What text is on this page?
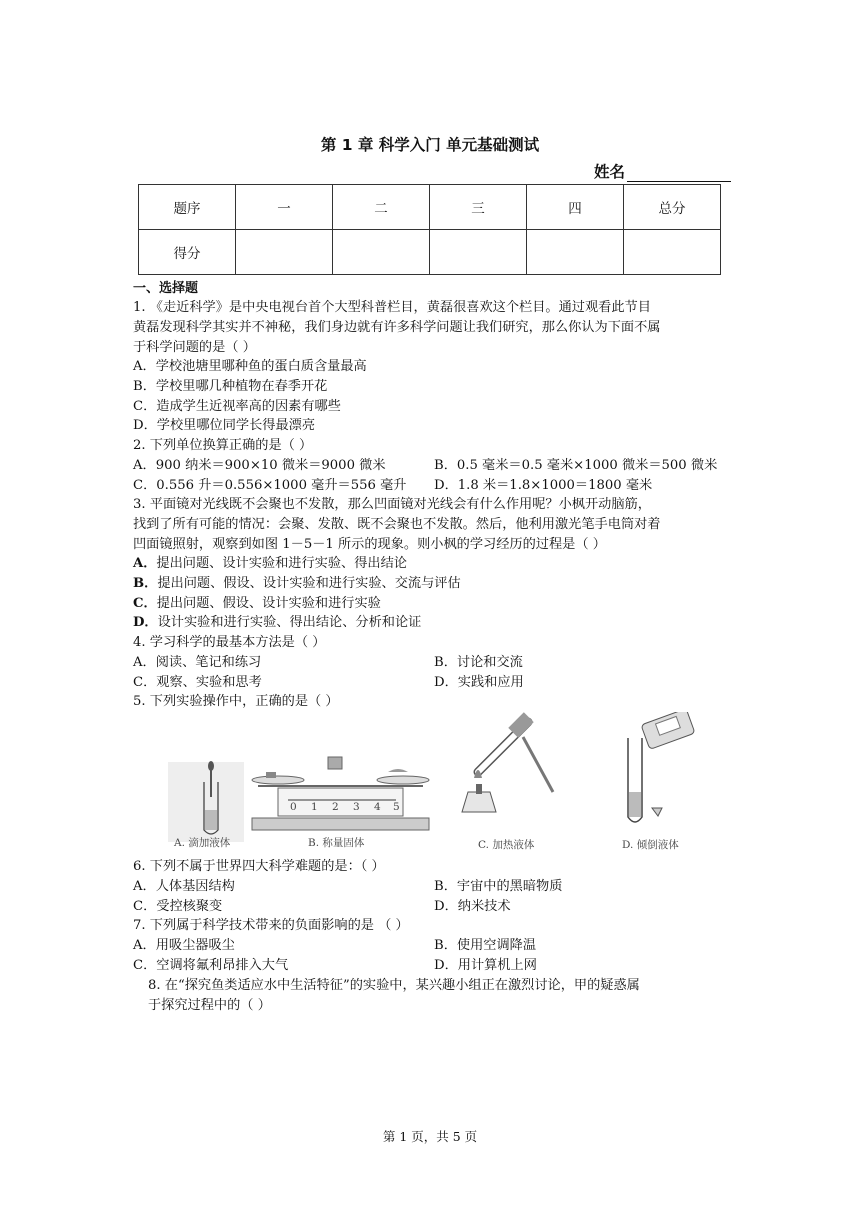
第 1 章 科学入门 单元基础测试
姓名
题序	一	二	三	四	总分
得分					
一、选择题
1. 《走近科学》是中央电视台首个大型科普栏目，黄磊很喜欢这个栏目。通过观看此节目
黄磊发现科学其实并不神秘，我们身边就有许多科学问题让我们研究，那么你认为下面不属
于科学问题的是（ ）
A．学校池塘里哪种鱼的蛋白质含量最高
B．学校里哪几种植物在春季开花
C．造成学生近视率高的因素有哪些
D．学校里哪位同学长得最漂亮
2. 下列单位换算正确的是（ ）
A．900 纳米＝900×10 微米＝9000 微米	B．0.5 毫米＝0.5 毫米×1000 微米＝500 微米
C．0.556 升＝0.556×1000 毫升＝556 毫升 D．1.8 米＝1.8×1000＝1800 毫米
3. 平面镜对光线既不会聚也不发散，那么凹面镜对光线会有什么作用呢？小枫开动脑筋，
找到了所有可能的情况：会聚、发散、既不会聚也不发散。然后，他利用激光笔手电筒对着
凹面镜照射，观察到如图 1－5－1 所示的现象。则小枫的学习经历的过程是（ ）
A．提出问题、设计实验和进行实验、得出结论
B．提出问题、假设、设计实验和进行实验、交流与评估
C．提出问题、假设、设计实验和进行实验
D．设计实验和进行实验、得出结论、分析和论证
4. 学习科学的最基本方法是（ ）
A．阅读、笔记和练习	B．讨论和交流
C．观察、实验和思考	D．实践和应用
5. 下列实验操作中，正确的是（ ）
A. 滴加液体
0 1 2 3 4 5
B. 称量固体	C. 加热液体	D. 倾倒液体
6. 下列不属于世界四大科学难题的是：（ ）
A．人体基因结构	B．宇宙中的黑暗物质
C．受控核聚变	D．纳米技术
7. 下列属于科学技术带来的负面影响的是 （ ）
A．用吸尘器吸尘	B．使用空调降温
C．空调将氟利昂排入大气	D．用计算机上网
8. 在“探究鱼类适应水中生活特征”的实验中，某兴趣小组正在激烈讨论，甲的疑惑属
于探究过程中的（ ）
第 1 页，共 5 页
